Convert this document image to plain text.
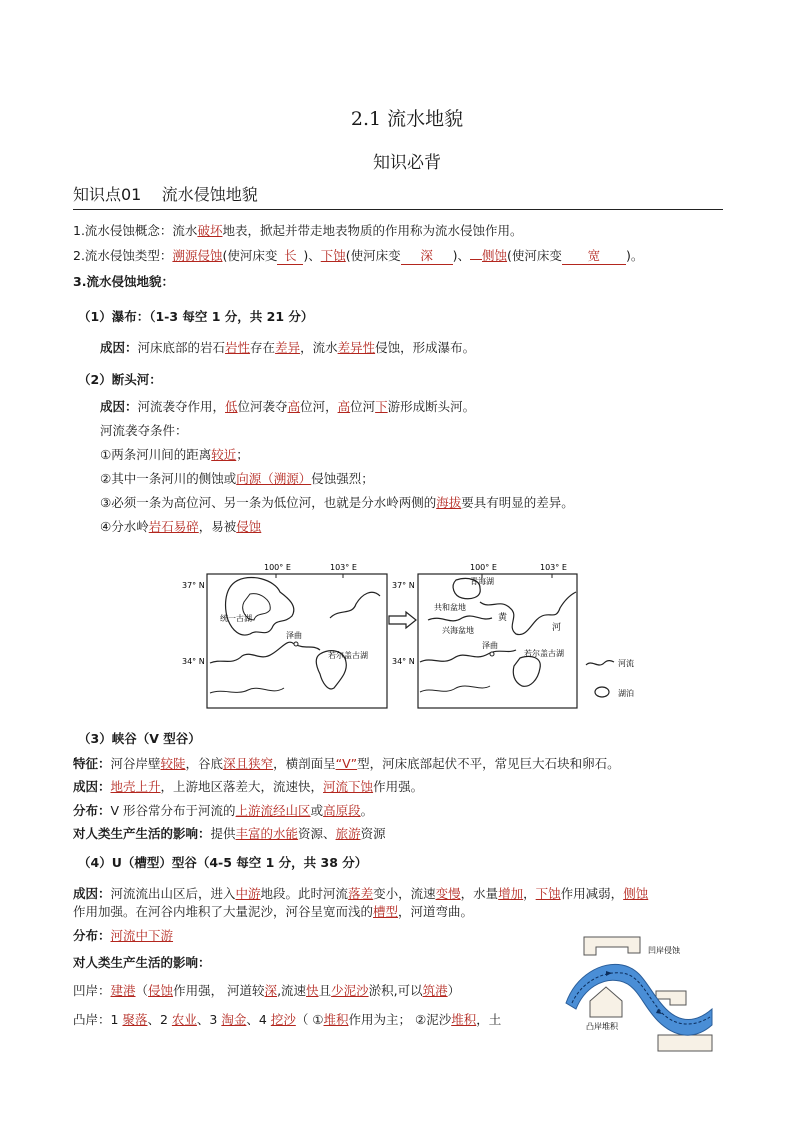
2.1 流水地貌
知识必背
知识点01    流水侵蚀地貌
1.流水侵蚀概念：流水破坏地表，掀起并带走地表物质的作用称为流水侵蚀作用。
2.流水侵蚀类型：溯源侵蚀(使河床变 长 )、下蚀(使河床变 深 )、 侧蚀(使河床变 宽 )。
3.流水侵蚀地貌：
（1）瀑布：（1-3 每空 1 分，共 21 分）
成因：河床底部的岩石岩性存在差异，流水差异性侵蚀，形成瀑布。
（2）断头河：
成因：河流袭夺作用，低位河袭夺高位河，高位河下游形成断头河。
河流袭夺条件：
①两条河川间的距离较近；
②其中一条河川的侧蚀或向源（溯源）侵蚀强烈；
③必须一条为高位河、另一条为低位河，也就是分水岭两侧的海拔要具有明显的差异。
④分水岭岩石易碎，易被侵蚀
100° E	103° E
37° N
34° N
统一古湖
泽曲
若尔盖古湖
100° E	103° E
37° N
34° N
青海湖
共和盆地
兴海盆地
黄
河
泽曲
若尔盖古湖
河流
湖泊
（3）峡谷（V 型谷）
特征：河谷岸壁较陡，谷底深且狭窄，横剖面呈“V”型，河床底部起伏不平，常见巨大石块和卵石。
成因：地壳上升，上游地区落差大，流速快，河流下蚀作用强。
分布：V 形谷常分布于河流的上游流经山区或高原段。
对人类生产生活的影响：提供丰富的水能资源、旅游资源
（4）U（槽型）型谷（4-5 每空 1 分，共 38 分）
成因：河流流出山区后，进入中游地段。此时河流落差变小，流速变慢，水量增加，下蚀作用减弱，侧蚀
作用加强。在河谷内堆积了大量泥沙，河谷呈宽而浅的槽型，河道弯曲。
分布：河流中下游
对人类生产生活的影响：
凹岸：建港（侵蚀作用强， 河道较深,流速快且少泥沙淤积,可以筑港）
凸岸：1 聚落、2 农业、3 淘金、4 挖沙（ ①堆积作用为主； ②泥沙堆积，土
凹岸侵蚀
凸岸堆积
